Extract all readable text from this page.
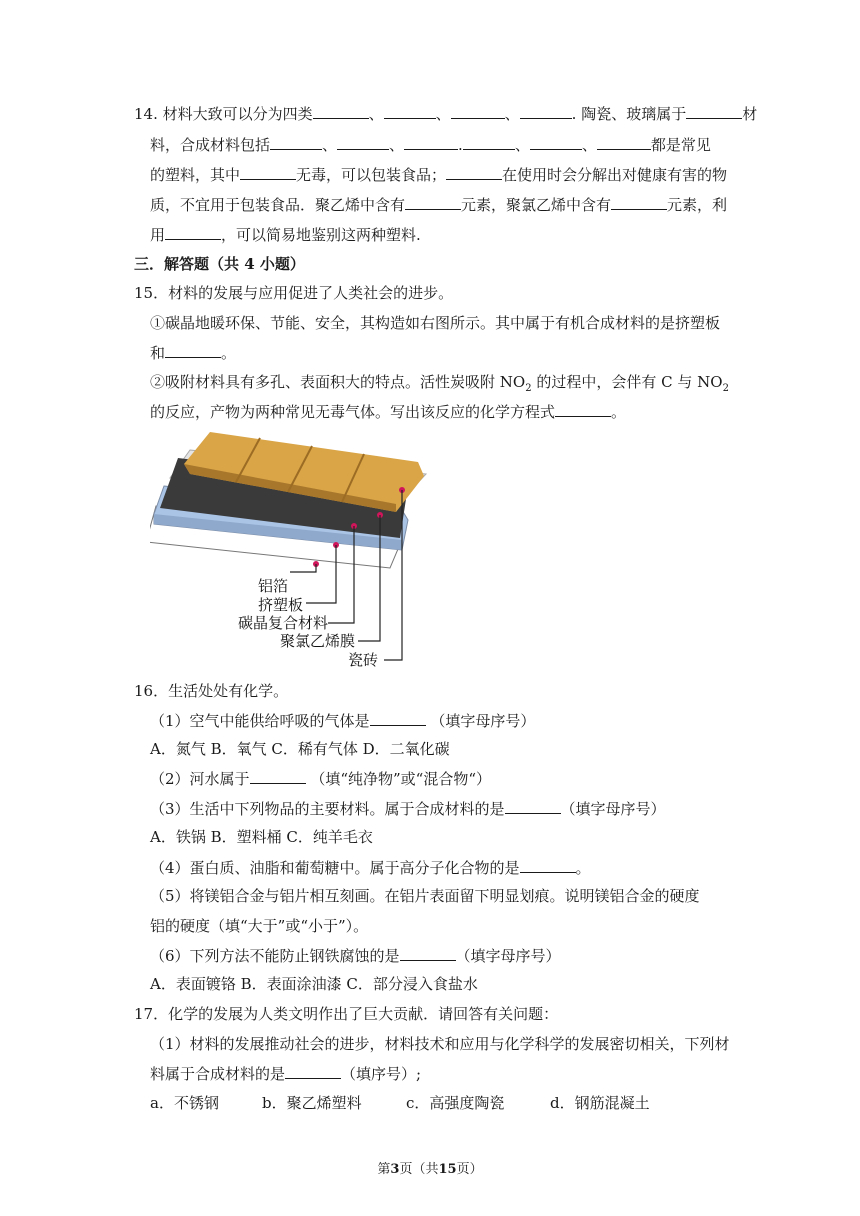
14. 材料大致可以分为四类	、	、	、	. 陶瓷、玻璃属于	材
料，合成材料包括	、	、	.	、	、	都是常见
的塑料，其中	无毒，可以包装食品；	在使用时会分解出对健康有害的物
质，不宜用于包装食品．聚乙烯中含有	元素，聚氯乙烯中含有	元素，利
用	，可以简易地鉴别这两种塑料.
三．解答题（共 4 小题）
15．材料的发展与应用促进了人类社会的进步。
①碳晶地暖环保、节能、安全，其构造如右图所示。其中属于有机合成材料的是挤塑板
和	。
②吸附材料具有多孔、表面积大的特点。活性炭吸附 $NO_2$ 的过程中，会伴有 C 与 $NO_2$
的反应，产物为两种常见无毒气体。写出该反应的化学方程式	。
铝箔
挤塑板
碳晶复合材料
聚氯乙烯膜
瓷砖
16．生活处处有化学。
（1）空气中能供给呼吸的气体是	（填字母序号）
A．氮气 B．氧气 C．稀有气体 D．二氧化碳
（2）河水属于	（填“纯净物”或“混合物“）
（3）生活中下列物品的主要材料。属于合成材料的是	（填字母序号）
A．铁锅 B．塑料桶 C．纯羊毛衣
（4）蛋白质、油脂和葡萄糖中。属于高分子化合物的是	。
（5）将镁铝合金与铝片相互刻画。在铝片表面留下明显划痕。说明镁铝合金的硬度
铝的硬度（填“大于”或“小于”）。
（6）下列方法不能防止钢铁腐蚀的是	（填字母序号）
A．表面镀铬 B．表面涂油漆 C．部分浸入食盐水
17．化学的发展为人类文明作出了巨大贡献．请回答有关问题：
（1）材料的发展推动社会的进步，材料技术和应用与化学科学的发展密切相关，下列材
料属于合成材料的是	（填序号）;
a．不锈钢	b．聚乙烯塑料	c．高强度陶瓷	d．钢筋混凝土
第3页（共15页）
